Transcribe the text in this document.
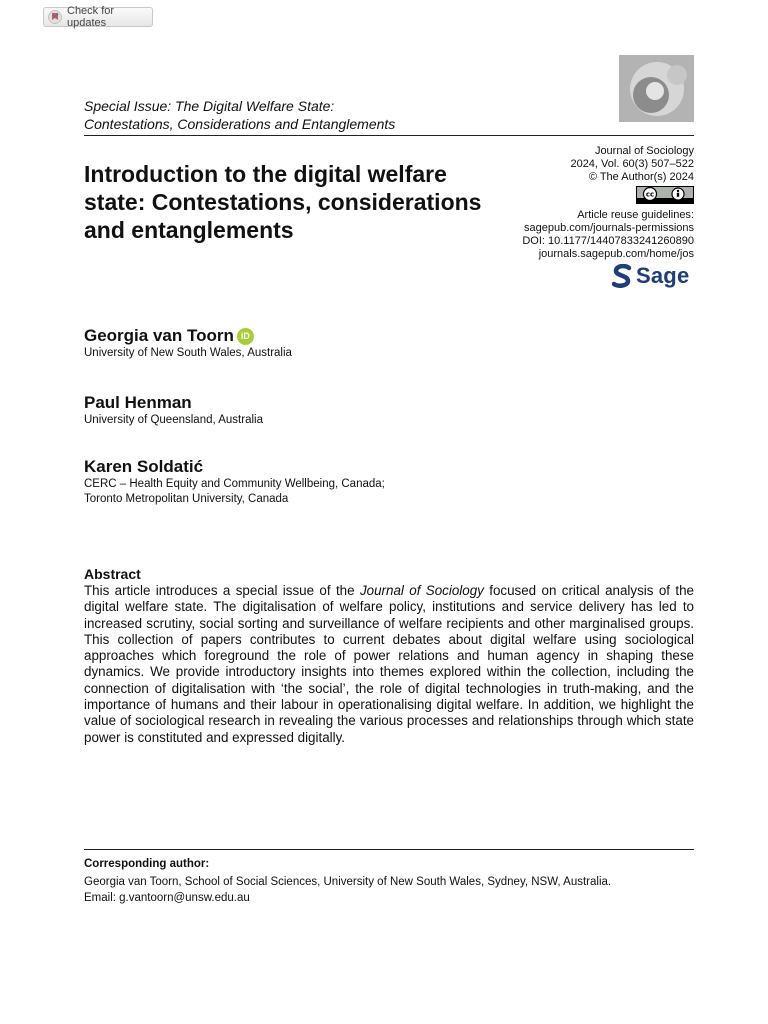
Check for updates
Special Issue: The Digital Welfare State:
Contestations, Considerations and Entanglements
Journal of Sociology
2024, Vol. 60(3) 507–522
© The Author(s) 2024
cc
Article reuse guidelines:
sagepub.com/journals-permissions
DOI: 10.1177/14407833241260890
journals.sagepub.com/home/jos
Sage
Introduction to the digital welfare state: Contestations, considerations and entanglements
Georgia van Toorn iD
University of New South Wales, Australia
Paul Henman
University of Queensland, Australia
Karen Soldatić
CERC – Health Equity and Community Wellbeing, Canada;
Toronto Metropolitan University, Canada
Abstract
This article introduces a special issue of the Journal of Sociology focused on critical analysis of the digital welfare state. The digitalisation of welfare policy, institutions and service delivery has led to increased scrutiny, social sorting and surveillance of welfare recipients and other marginalised groups. This collection of papers contributes to current debates about digital welfare using sociological approaches which foreground the role of power relations and human agency in shaping these dynamics. We provide introductory insights into themes explored within the collection, including the connection of digitalisation with ‘the social’, the role of digital technologies in truth-making, and the importance of humans and their labour in operationalising digital welfare. In addition, we highlight the value of sociological research in revealing the various processes and relationships through which state power is constituted and expressed digitally.
Corresponding author:
Georgia van Toorn, School of Social Sciences, University of New South Wales, Sydney, NSW, Australia.
Email: g.vantoorn@unsw.edu.au
